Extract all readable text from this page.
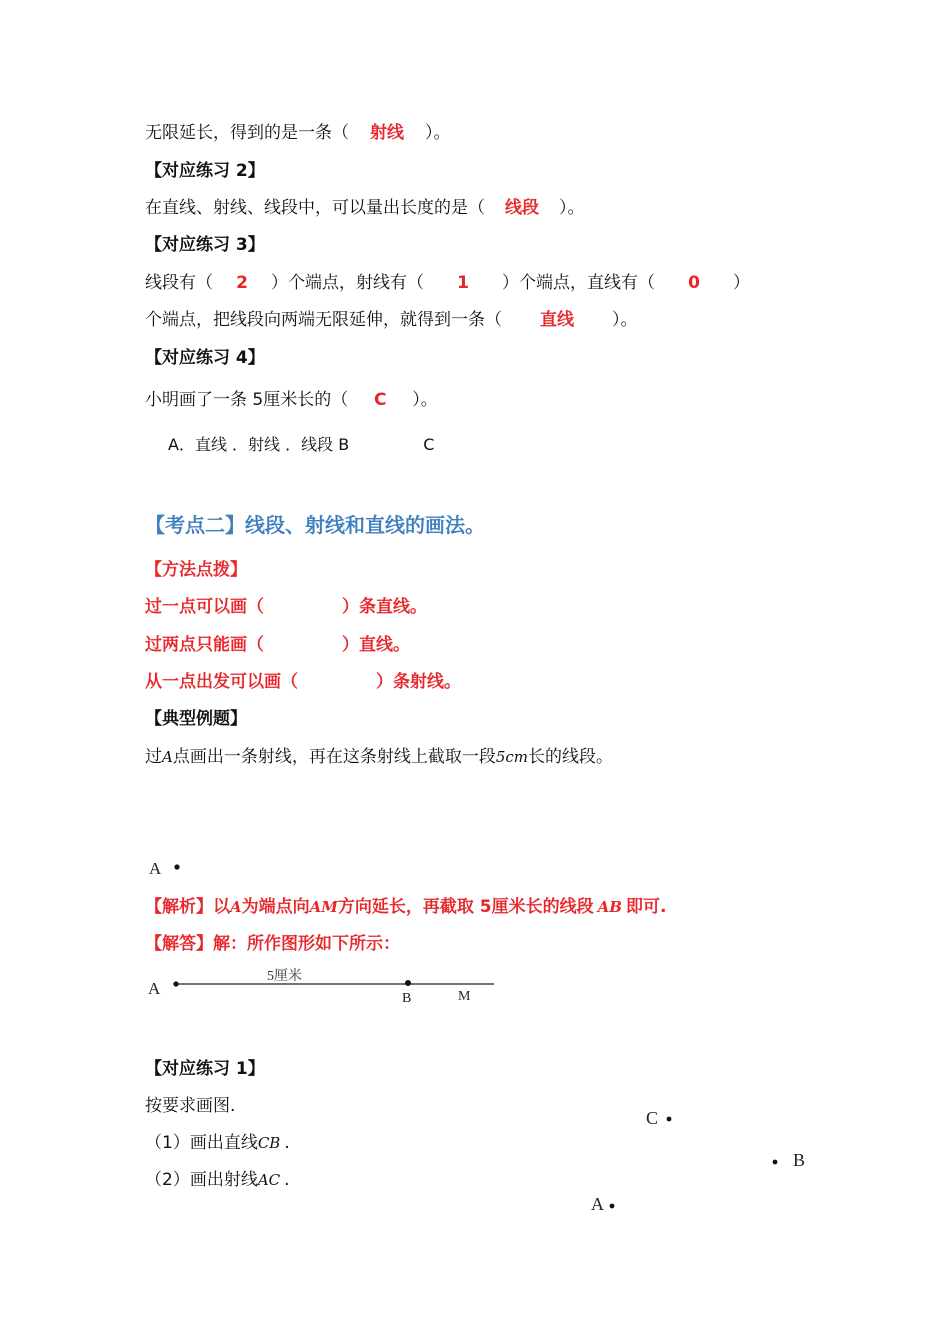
无限延长，得到的是一条（ 射线 ）。
【对应练习 2】
在直线、射线、线段中，可以量出长度的是（ 线段 ）。
【对应练习 3】
线段有（ 2 ）个端点，射线有（ 1 ）个端点，直线有（ 0 ）
个端点，把线段向两端无限延伸，就得到一条（ 直线 ）。
【对应练习 4】
小明画了一条 5厘米长的（ C ）。
A．直线 ．射线 ．线段 B	C
【考点二】线段、射线和直线的画法。
【方法点拨】
过一点可以画（	）条直线。
过两点只能画（	）直线。
从一点出发可以画（	）条射线。
【典型例题】
过A点画出一条射线，再在这条射线上截取一段5cm长的线段。
A
【解析】以A为端点向AM方向延长，再截取 5厘米长的线段 AB 即可.
【解答】解：所作图形如下所示：
A
5厘米
B	M
【对应练习 1】
按要求画图.
（1）画出直线CB .
（2）画出射线AC .
C
B
A
